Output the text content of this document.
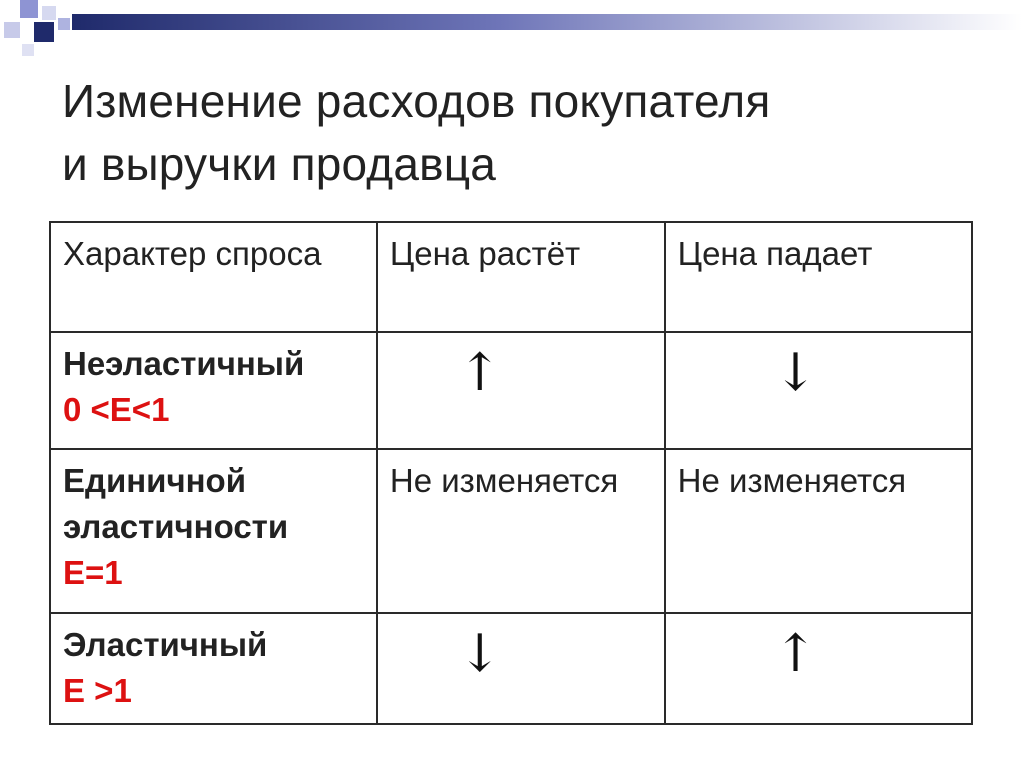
Изменение расходов покупателя
и выручки продавца
Характер спроса	Цена растёт	Цена падает

Неэластичный
0 <E<1	↑	↓

Единичной
эластичности
E=1	Не изменяется	Не изменяется

Эластичный
E >1	↓	↑
